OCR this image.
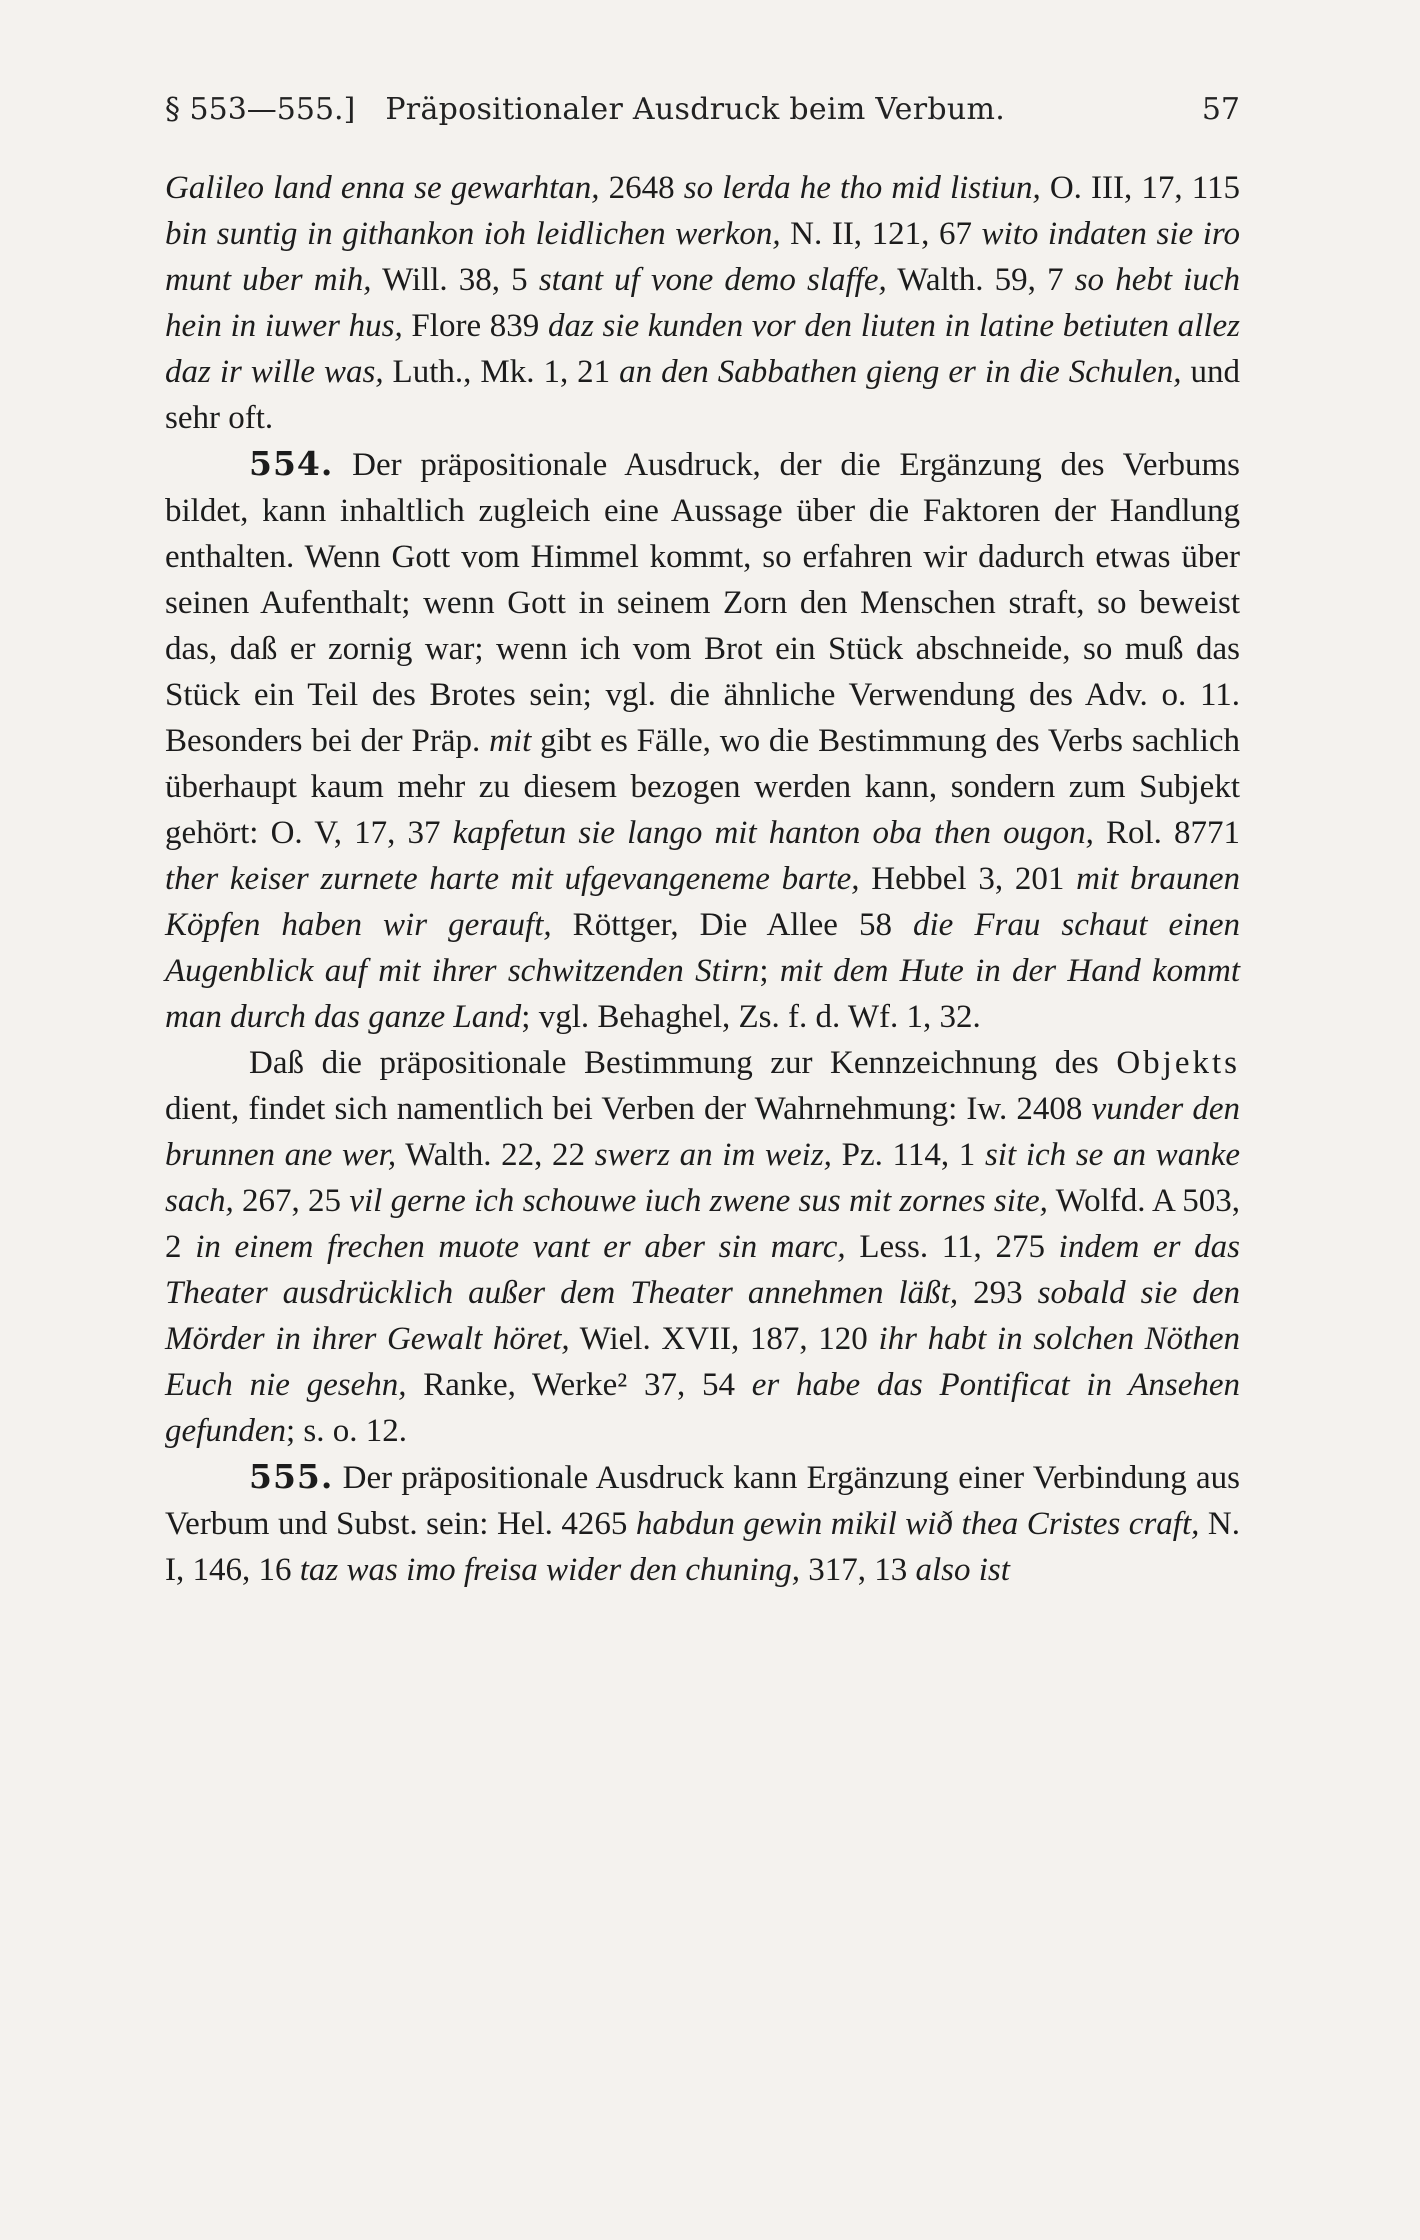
§ 553—555.] Präpositionaler Ausdruck beim Verbum.	57

Galileo land enna se gewarhtan, 2648 so lerda he tho mid listiun, O. III, 17, 115 bin suntig in githankon ioh leidlichen werkon, N. II, 121, 67 wito indaten sie iro munt uber mih, Will. 38, 5 stant uf vone demo slaffe, Walth. 59, 7 so hebt iuch hein in iuwer hus, Flore 839 daz sie kunden vor den liuten in latine betiuten allez daz ir wille was, Luth., Mk. 1, 21 an den Sabbathen gieng er in die Schulen, und sehr oft.

554. Der präpositionale Ausdruck, der die Ergänzung des Verbums bildet, kann inhaltlich zugleich eine Aussage über die Faktoren der Handlung enthalten. Wenn Gott vom Himmel kommt, so erfahren wir dadurch etwas über seinen Aufenthalt; wenn Gott in seinem Zorn den Menschen straft, so beweist das, daß er zornig war; wenn ich vom Brot ein Stück abschneide, so muß das Stück ein Teil des Brotes sein; vgl. die ähnliche Verwendung des Adv. o. 11. Besonders bei der Präp. mit gibt es Fälle, wo die Bestimmung des Verbs sachlich überhaupt kaum mehr zu diesem bezogen werden kann, sondern zum Subjekt gehört: O. V, 17, 37 kapfetun sie lango mit hanton oba then ougon, Rol. 8771 ther keiser zurnete harte mit ufgevangeneme barte, Hebbel 3, 201 mit braunen Köpfen haben wir gerauft, Röttger, Die Allee 58 die Frau schaut einen Augenblick auf mit ihrer schwitzenden Stirn; mit dem Hute in der Hand kommt man durch das ganze Land; vgl. Behaghel, Zs. f. d. Wf. 1, 32.

Daß die präpositionale Bestimmung zur Kennzeichnung des Objekts dient, findet sich namentlich bei Verben der Wahrnehmung: Iw. 2408 vunder den brunnen ane wer, Walth. 22, 22 swerz an im weiz, Pz. 114, 1 sit ich se an wanke sach, 267, 25 vil gerne ich schouwe iuch zwene sus mit zornes site, Wolfd. A 503, 2 in einem frechen muote vant er aber sin marc, Less. 11, 275 indem er das Theater ausdrücklich außer dem Theater annehmen läßt, 293 sobald sie den Mörder in ihrer Gewalt höret, Wiel. XVII, 187, 120 ihr habt in solchen Nöthen Euch nie gesehn, Ranke, Werke² 37, 54 er habe das Pontificat in Ansehen gefunden; s. o. 12.

555. Der präpositionale Ausdruck kann Ergänzung einer Verbindung aus Verbum und Subst. sein: Hel. 4265 habdun gewin mikil wið thea Cristes craft, N. I, 146, 16 taz was imo freisa wider den chuning, 317, 13 also ist
